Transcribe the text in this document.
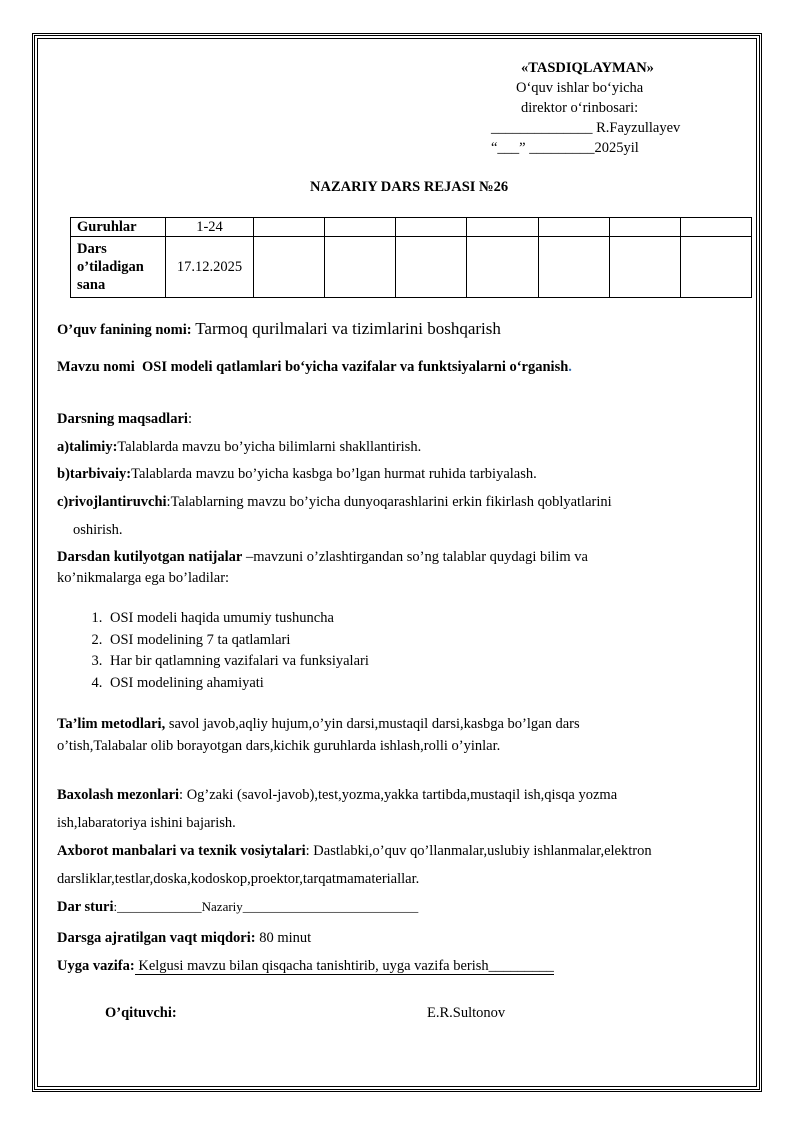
«TASDIQLAYMAN»
O‘quv ishlar bo‘yicha
direktor o‘rinbosari:
______________ R.Fayzullayev
“___” _________2025yil
NAZARIY DARS REJASI №26
Guruhlar	1-24							
Dars o’tiladigan sana	17.12.2025							
O’quv fanining nomi: Tarmoq qurilmalari va tizimlarini boshqarish
Mavzu nomi OSI modeli qatlamlari bo‘yicha vazifalar va funktsiyalarni o‘rganish.
Darsning maqsadlari:
a)talimiy:Talablarda mavzu bo’yicha bilimlarni shakllantirish.
b)tarbivaiy:Talablarda mavzu bo’yicha kasbga bo’lgan hurmat ruhida tarbiyalash.
c)rivojlantiruvchi:Talablarning mavzu bo’yicha dunyoqarashlarini erkin fikirlash qoblyatlarini
oshirish.
Darsdan kutilyotgan natijalar –mavzuni o’zlashtirgandan so’ng talablar quydagi bilim va
ko’nikmalarga ega bo’ladilar:
1. OSI modeli haqida umumiy tushuncha
2. OSI modelining 7 ta qatlamlari
3. Har bir qatlamning vazifalari va funksiyalari
4. OSI modelining ahamiyati
Ta’lim metodlari, savol javob,aqliy hujum,o’yin darsi,mustaqil darsi,kasbga bo’lgan dars
o’tish,Talabalar olib borayotgan dars,kichik guruhlarda ishlash,rolli o’yinlar.
Baxolash mezonlari: Og’zaki (savol-javob),test,yozma,yakka tartibda,mustaqil ish,qisqa yozma
ish,labaratoriya ishini bajarish.
Axborot manbalari va texnik vosiytalari: Dastlabki,o’quv qo’llanmalar,uslubiy ishlanmalar,elektron
darsliklar,testlar,doska,kodoskop,proektor,tarqatmamateriallar.
Dar sturi:_____________Nazariy___________________________
Darsga ajratilgan vaqt miqdori: 80 minut
Uyga vazifa: Kelgusi mavzu bilan qisqacha tanishtirib, uyga vazifa berish_________
O’qituvchi:	E.R.Sultonov
